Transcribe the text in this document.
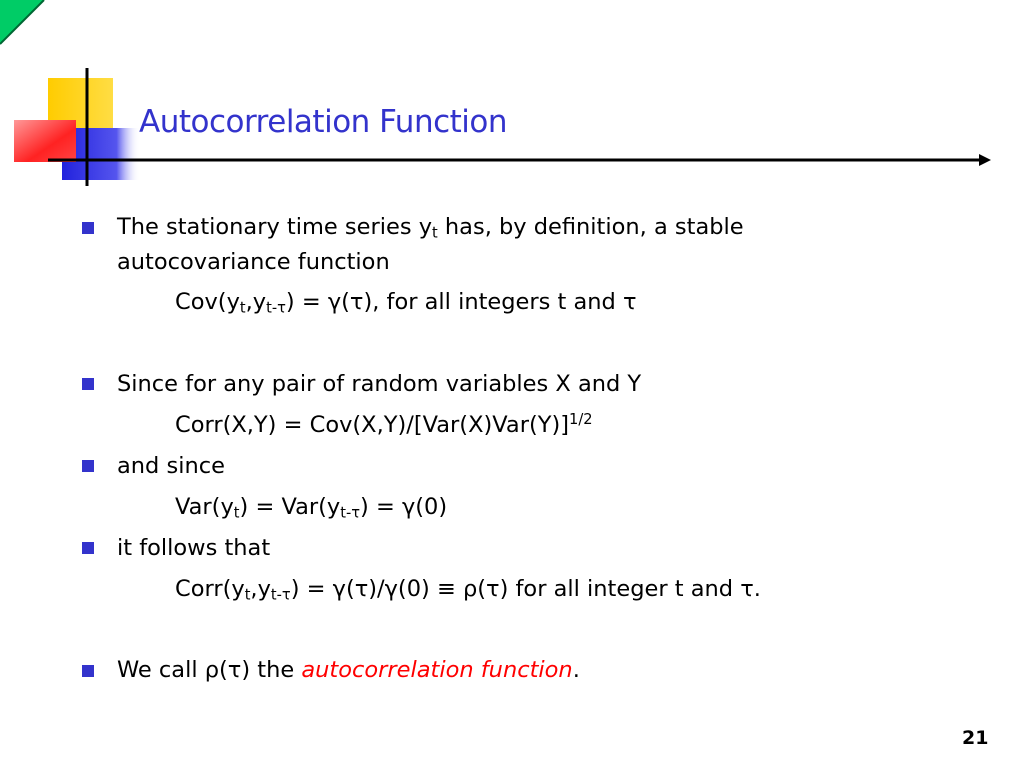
Autocorrelation Function
The stationary time series $y_t$ has, by definition, a stable
autocovariance function
$Cov(y_t,y_{t-\tau}) = \gamma(\tau)$, for all integers t and τ
Since for any pair of random variables X and Y
Corr(X,Y) = $Cov(X,Y)/[Var(X)Var(Y)]^{1/2}$
and since
$Var(y_t) = Var(y_{t-\tau}) = \gamma(0)$
it follows that
$Corr(y_t,y_{t-\tau}) = \gamma(\tau)/\gamma(0) \equiv \rho(\tau)$ for all integer t and τ.
We call ρ(τ) the autocorrelation function.
21
